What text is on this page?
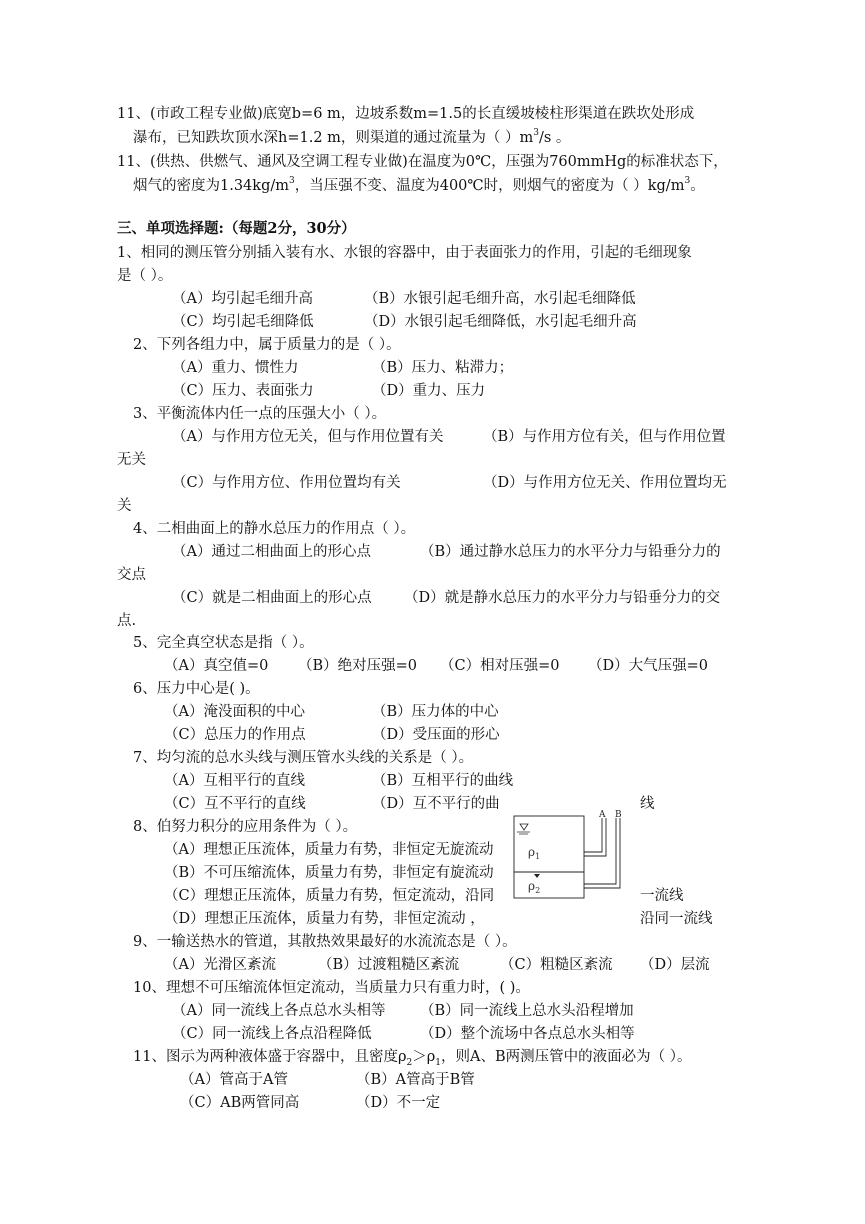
11、(市政工程专业做)底宽b=6 m，边坡系数m=1.5的长直缓坡棱柱形渠道在跌坎处形成
瀑布，已知跌坎顶水深h=1.2 m，则渠道的通过流量为（ ）$m^3/s$ 。
11、(供热、供燃气、通风及空调工程专业做)在温度为0℃，压强为760mmHg的标准状态下，
烟气的密度为$1.34kg/m^3$，当压强不变、温度为400℃时，则烟气的密度为（ ）$kg/m^3$。
三、单项选择题:（每题2分，30分）
1、相同的测压管分别插入装有水、水银的容器中，由于表面张力的作用，引起的毛细现象
是（ ）。
（A）均引起毛细升高	（B）水银引起毛细升高，水引起毛细降低
（C）均引起毛细降低	（D）水银引起毛细降低，水引起毛细升高
2、下列各组力中，属于质量力的是（ ）。
（A）重力、惯性力	（B）压力、粘滞力；
（C）压力、表面张力	（D）重力、压力
3、平衡流体内任一点的压强大小（ ）。
（A）与作用方位无关，但与作用位置有关	（B）与作用方位有关，但与作用位置
无关
（C）与作用方位、作用位置均有关	（D）与作用方位无关、作用位置均无
关
4、二相曲面上的静水总压力的作用点（ ）。
（A）通过二相曲面上的形心点	（B）通过静水总压力的水平分力与铅垂分力的
交点
（C）就是二相曲面上的形心点 （D）就是静水总压力的水平分力与铅垂分力的交
点.
5、完全真空状态是指（ ）。
（A）真空值=0 （B）绝对压强=0 （C）相对压强=0 （D）大气压强=0
6、压力中心是( )。
（A）淹没面积的中心	（B）压力体的中心
（C）总压力的作用点	（D）受压面的形心
7、均匀流的总水头线与测压管水头线的关系是（ ）。
（A）互相平行的直线	（B）互相平行的曲线
（C）互不平行的直线	（D）互不平行的曲	线
8、伯努力积分的应用条件为（ ）。
（A）理想正压流体，质量力有势，非恒定无旋流动
（B）不可压缩流体，质量力有势，非恒定有旋流动
（C）理想正压流体，质量力有势，恒定流动，沿同	一流线
（D）理想正压流体，质量力有势，非恒定流动 ，	沿同一流线
$\rho_1$
$\rho_2$
A B
9、一输送热水的管道，其散热效果最好的水流流态是（ ）。
（A）光滑区紊流	（B）过渡粗糙区紊流	（C）粗糙区紊流 （D）层流
10、理想不可压缩流体恒定流动，当质量力只有重力时，( )。
（A）同一流线上各点总水头相等 （B）同一流线上总水头沿程增加
（C）同一流线上各点沿程降低	（D）整个流场中各点总水头相等
11、图示为两种液体盛于容器中，且密度$\rho_2>\rho_1$，则A、B两测压管中的液面必为（ ）。
（A）管高于A管	（B）A管高于B管
（C）AB两管同高	（D）不一定
